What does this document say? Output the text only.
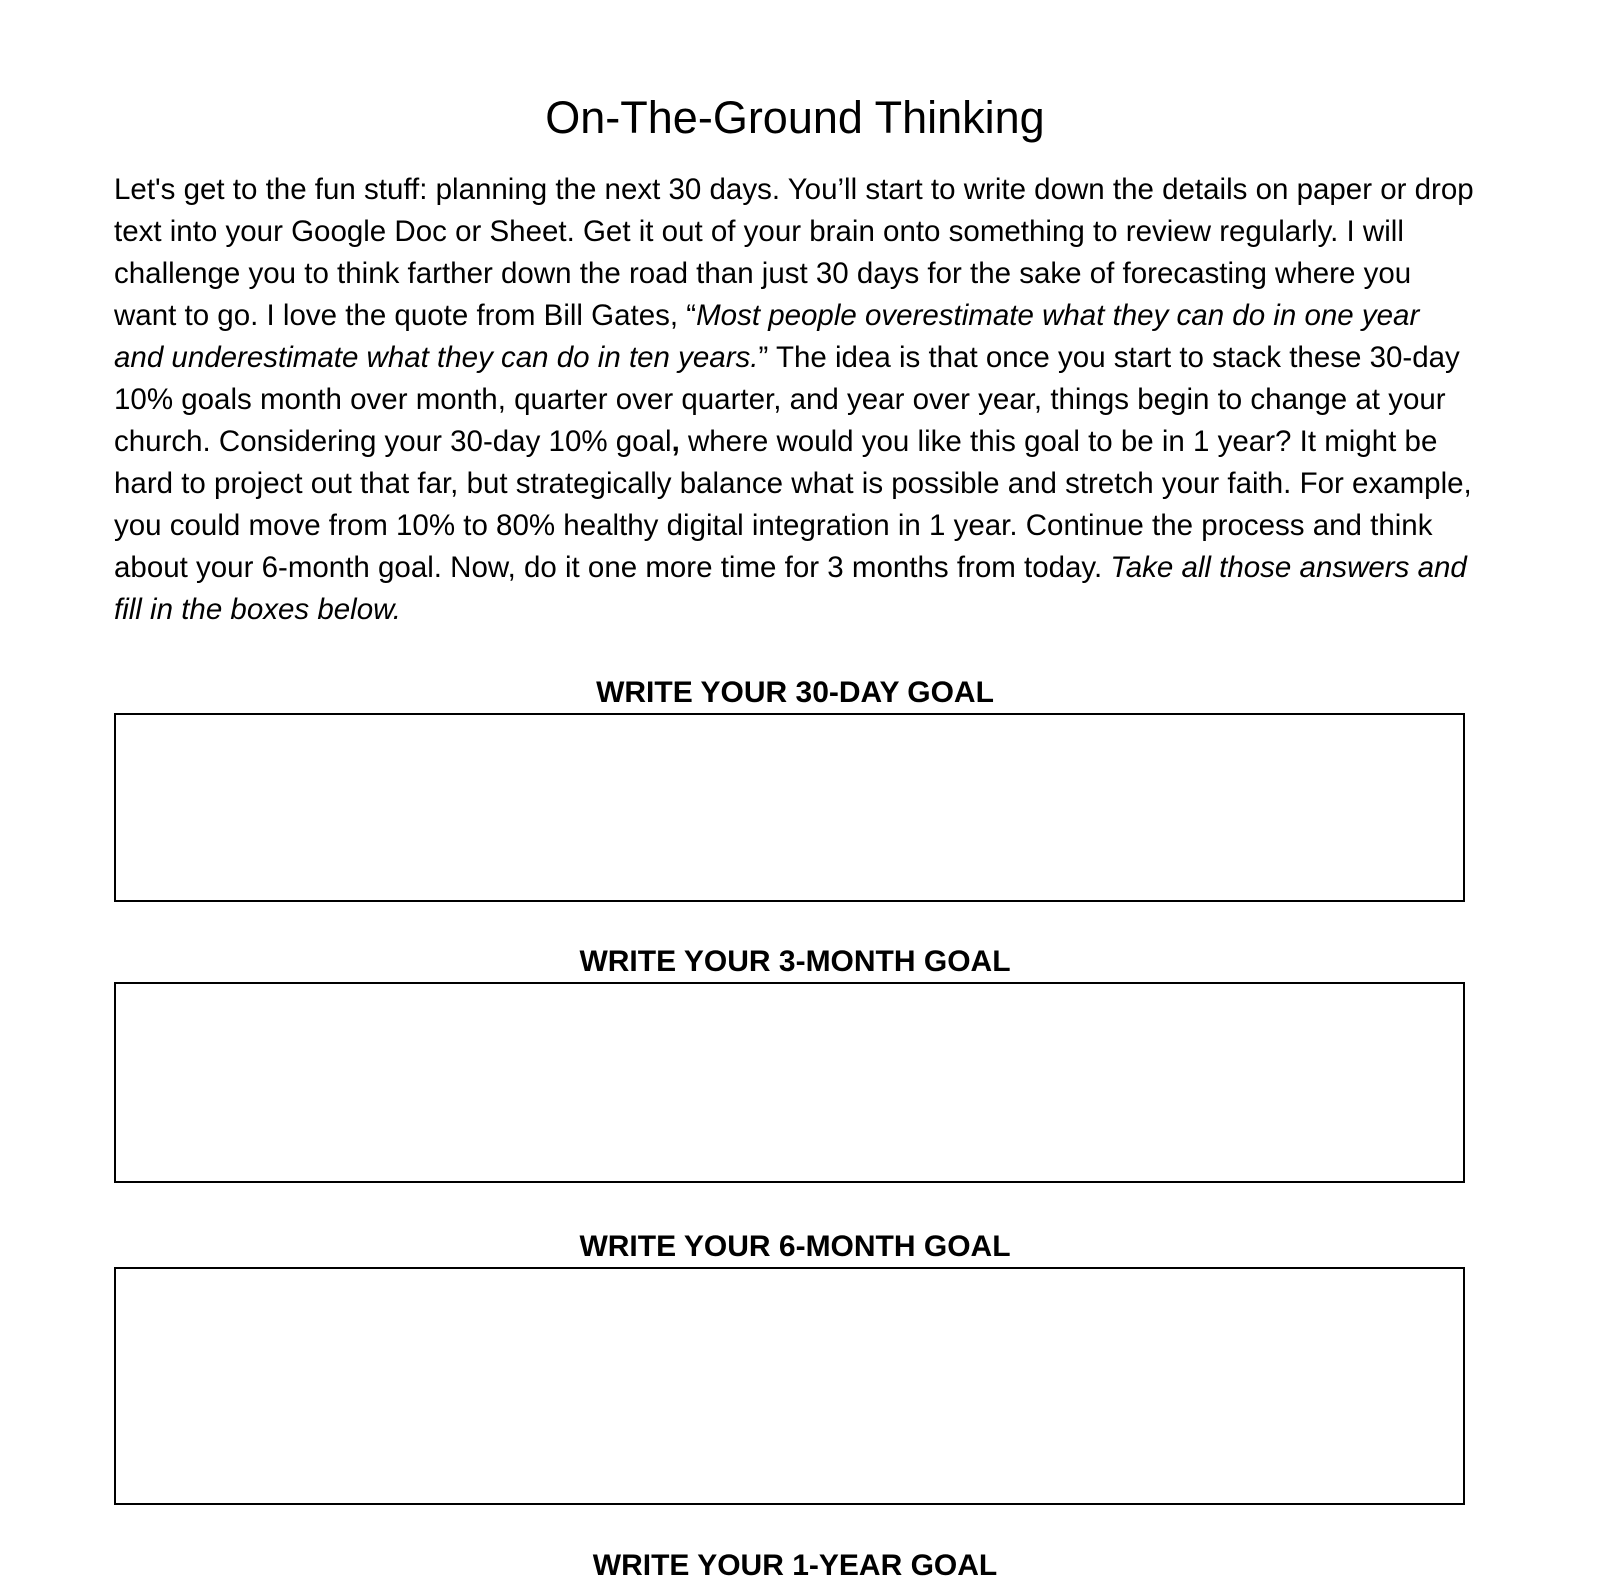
On-The-Ground Thinking

Let's get to the fun stuff: planning the next 30 days. You’ll start to write down the details on paper or drop text into your Google Doc or Sheet. Get it out of your brain onto something to review regularly. I will challenge you to think farther down the road than just 30 days for the sake of forecasting where you want to go. I love the quote from Bill Gates, “Most people overestimate what they can do in one year and underestimate what they can do in ten years.” The idea is that once you start to stack these 30-day 10% goals month over month, quarter over quarter, and year over year, things begin to change at your church. Considering your 30-day 10% goal, where would you like this goal to be in 1 year? It might be hard to project out that far, but strategically balance what is possible and stretch your faith. For example, you could move from 10% to 80% healthy digital integration in 1 year. Continue the process and think about your 6-month goal. Now, do it one more time for 3 months from today. Take all those answers and fill in the boxes below.

WRITE YOUR 30-DAY GOAL
WRITE YOUR 3-MONTH GOAL
WRITE YOUR 6-MONTH GOAL
WRITE YOUR 1-YEAR GOAL
